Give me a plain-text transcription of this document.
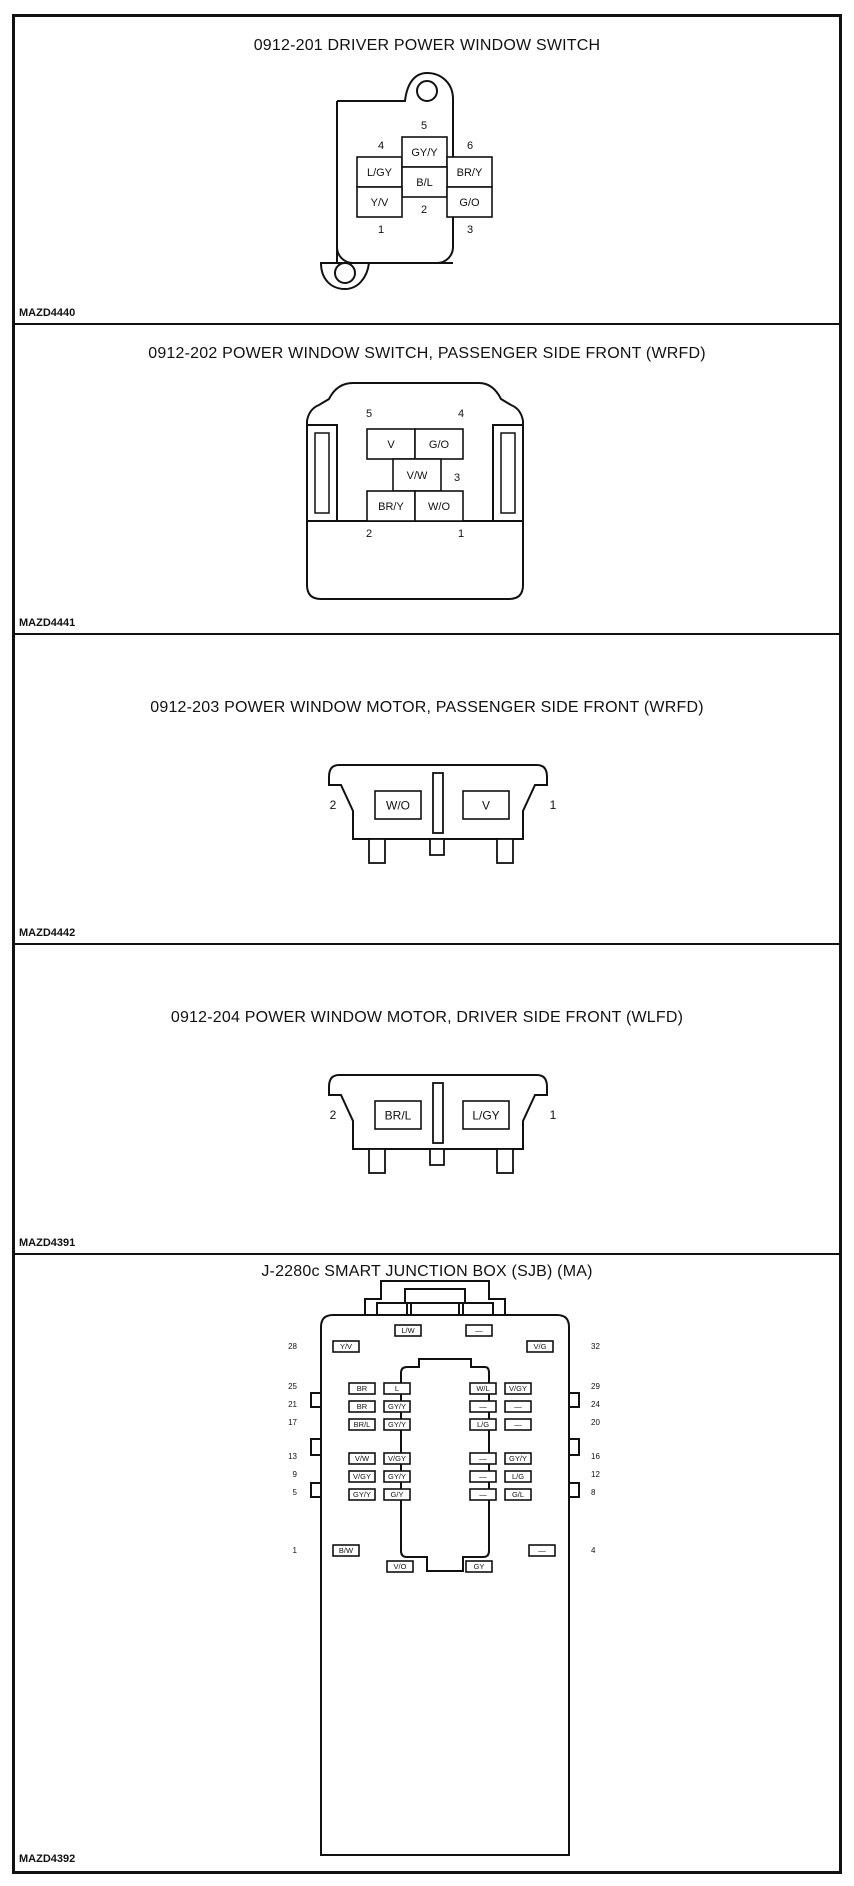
0912-201 DRIVER POWER WINDOW SWITCH
L/GY
GY/Y
BR/Y
B/L
Y/V	G/O
4
5
6
1
2
3
MAZD4440
0912-202 POWER WINDOW SWITCH, PASSENGER SIDE FRONT (WRFD)
V	G/O
V/W
BR/Y W/O
5	4
3
2	1
MAZD4441
0912-203 POWER WINDOW MOTOR, PASSENGER SIDE FRONT (WRFD)
W/O	V
2	1
MAZD4442
0912-204 POWER WINDOW MOTOR, DRIVER SIDE FRONT (WLFD)
BR/L	L/GY
2	1
MAZD4391
J-2280c SMART JUNCTION BOX (SJB) (MA)
L/W	—
Y/V	V/G
BR	L	W/L	V/GY
BR	GY/Y	—	—
BR/L GY/Y	L/G	—
V/W	V/GY	—	GY/Y
V/GY GY/Y	—	L/G
GY/Y	G/Y	—	G/L
B/W	—
V/O	GY
28	32
25	29
21	24
17	20
13	16
9	12
5	8
1	4
MAZD4392
